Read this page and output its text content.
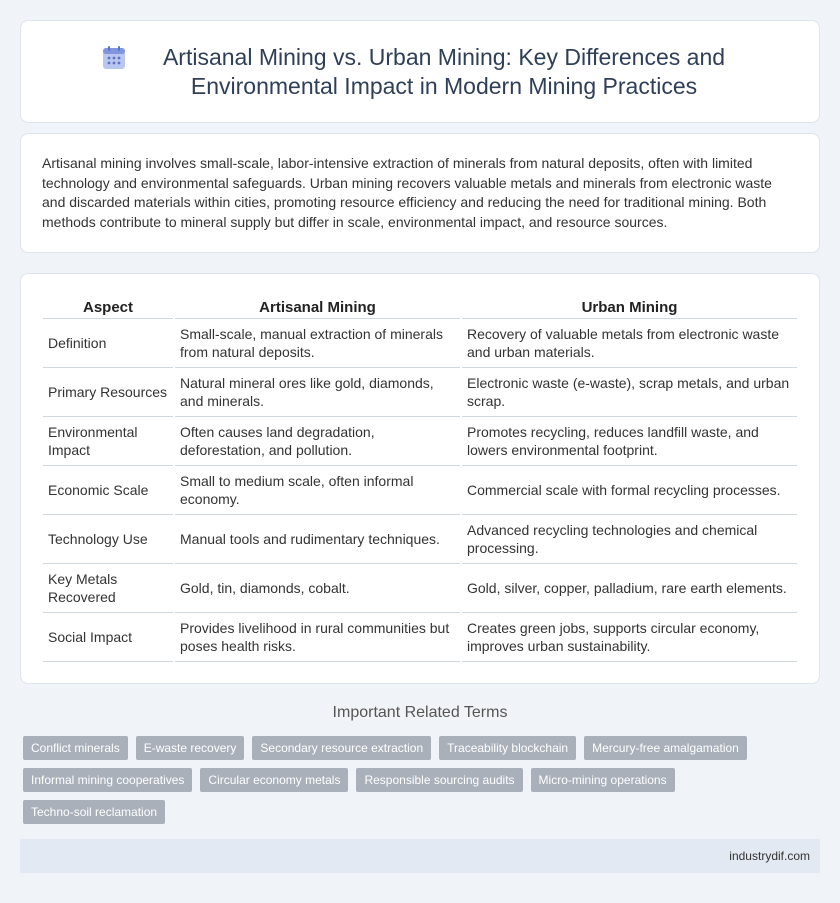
Artisanal Mining vs. Urban Mining: Key Differences and Environmental Impact in Modern Mining Practices

Artisanal mining involves small-scale, labor-intensive extraction of minerals from natural deposits, often with limited technology and environmental safeguards. Urban mining recovers valuable metals and minerals from electronic waste and discarded materials within cities, promoting resource efficiency and reducing the need for traditional mining. Both methods contribute to mineral supply but differ in scale, environmental impact, and resource sources.

Aspect	Artisanal Mining	Urban Mining
Definition	Small-scale, manual extraction of minerals from natural deposits.	Recovery of valuable metals from electronic waste and urban materials.
Primary Resources	Natural mineral ores like gold, diamonds, and minerals.	Electronic waste (e-waste), scrap metals, and urban scrap.
Environmental Impact	Often causes land degradation, deforestation, and pollution.	Promotes recycling, reduces landfill waste, and lowers environmental footprint.
Economic Scale	Small to medium scale, often informal economy.	Commercial scale with formal recycling processes.
Technology Use	Manual tools and rudimentary techniques.	Advanced recycling technologies and chemical processing.
Key Metals Recovered	Gold, tin, diamonds, cobalt.	Gold, silver, copper, palladium, rare earth elements.
Social Impact	Provides livelihood in rural communities but poses health risks.	Creates green jobs, supports circular economy, improves urban sustainability.
Important Related Terms
Conflict minerals	E-waste recovery	Secondary resource extraction	Traceability blockchain	Mercury-free amalgamation
Informal mining cooperatives	Circular economy metals	Responsible sourcing audits	Micro-mining operations
Techno-soil reclamation
industrydif.com
